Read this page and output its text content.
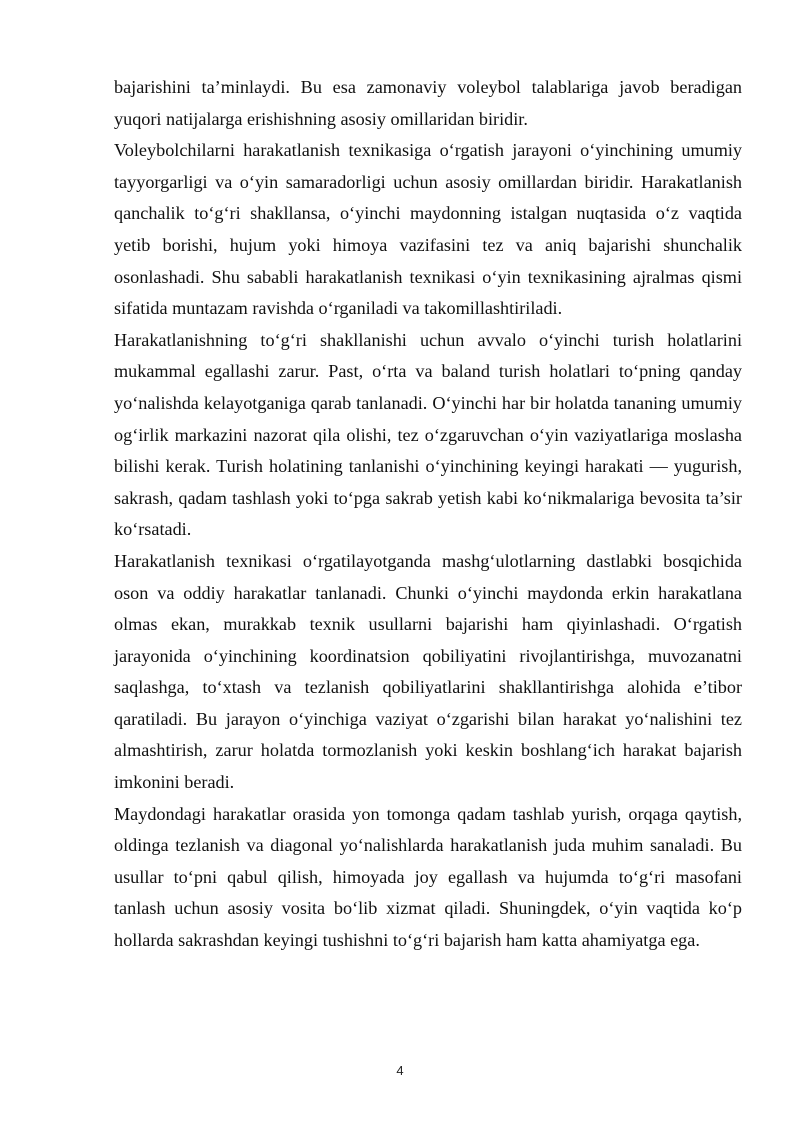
bajarishini ta’minlaydi. Bu esa zamonaviy voleybol talablariga javob beradigan yuqori natijalarga erishishning asosiy omillaridan biridir.

Voleybolchilarni harakatlanish texnikasiga o‘rgatish jarayoni o‘yinchining umumiy tayyorgarligi va o‘yin samaradorligi uchun asosiy omillardan biridir. Harakatlanish qanchalik to‘g‘ri shakllansa, o‘yinchi maydonning istalgan nuqtasida o‘z vaqtida yetib borishi, hujum yoki himoya vazifasini tez va aniq bajarishi shunchalik osonlashadi. Shu sababli harakatlanish texnikasi o‘yin texnikasining ajralmas qismi sifatida muntazam ravishda o‘rganiladi va takomillashtiriladi.

Harakatlanishning to‘g‘ri shakllanishi uchun avvalo o‘yinchi turish holatlarini mukammal egallashi zarur. Past, o‘rta va baland turish holatlari to‘pning qanday yo‘nalishda kelayotganiga qarab tanlanadi. O‘yinchi har bir holatda tananing umumiy og‘irlik markazini nazorat qila olishi, tez o‘zgaruvchan o‘yin vaziyatlariga moslasha bilishi kerak. Turish holatining tanlanishi o‘yinchining keyingi harakati — yugurish, sakrash, qadam tashlash yoki to‘pga sakrab yetish kabi ko‘nikmalariga bevosita ta’sir ko‘rsatadi.

Harakatlanish texnikasi o‘rgatilayotganda mashg‘ulotlarning dastlabki bosqichida oson va oddiy harakatlar tanlanadi. Chunki o‘yinchi maydonda erkin harakatlana olmas ekan, murakkab texnik usullarni bajarishi ham qiyinlashadi. O‘rgatish jarayonida o‘yinchining koordinatsion qobiliyatini rivojlantirishga, muvozanatni saqlashga, to‘xtash va tezlanish qobiliyatlarini shakllantirishga alohida e’tibor qaratiladi. Bu jarayon o‘yinchiga vaziyat o‘zgarishi bilan harakat yo‘nalishini tez almashtirish, zarur holatda tormozlanish yoki keskin boshlang‘ich harakat bajarish imkonini beradi.

Maydondagi harakatlar orasida yon tomonga qadam tashlab yurish, orqaga qaytish, oldinga tezlanish va diagonal yo‘nalishlarda harakatlanish juda muhim sanaladi. Bu usullar to‘pni qabul qilish, himoyada joy egallash va hujumda to‘g‘ri masofani tanlash uchun asosiy vosita bo‘lib xizmat qiladi. Shuningdek, o‘yin vaqtida ko‘p hollarda sakrashdan keyingi tushishni to‘g‘ri bajarish ham katta ahamiyatga ega.

4
